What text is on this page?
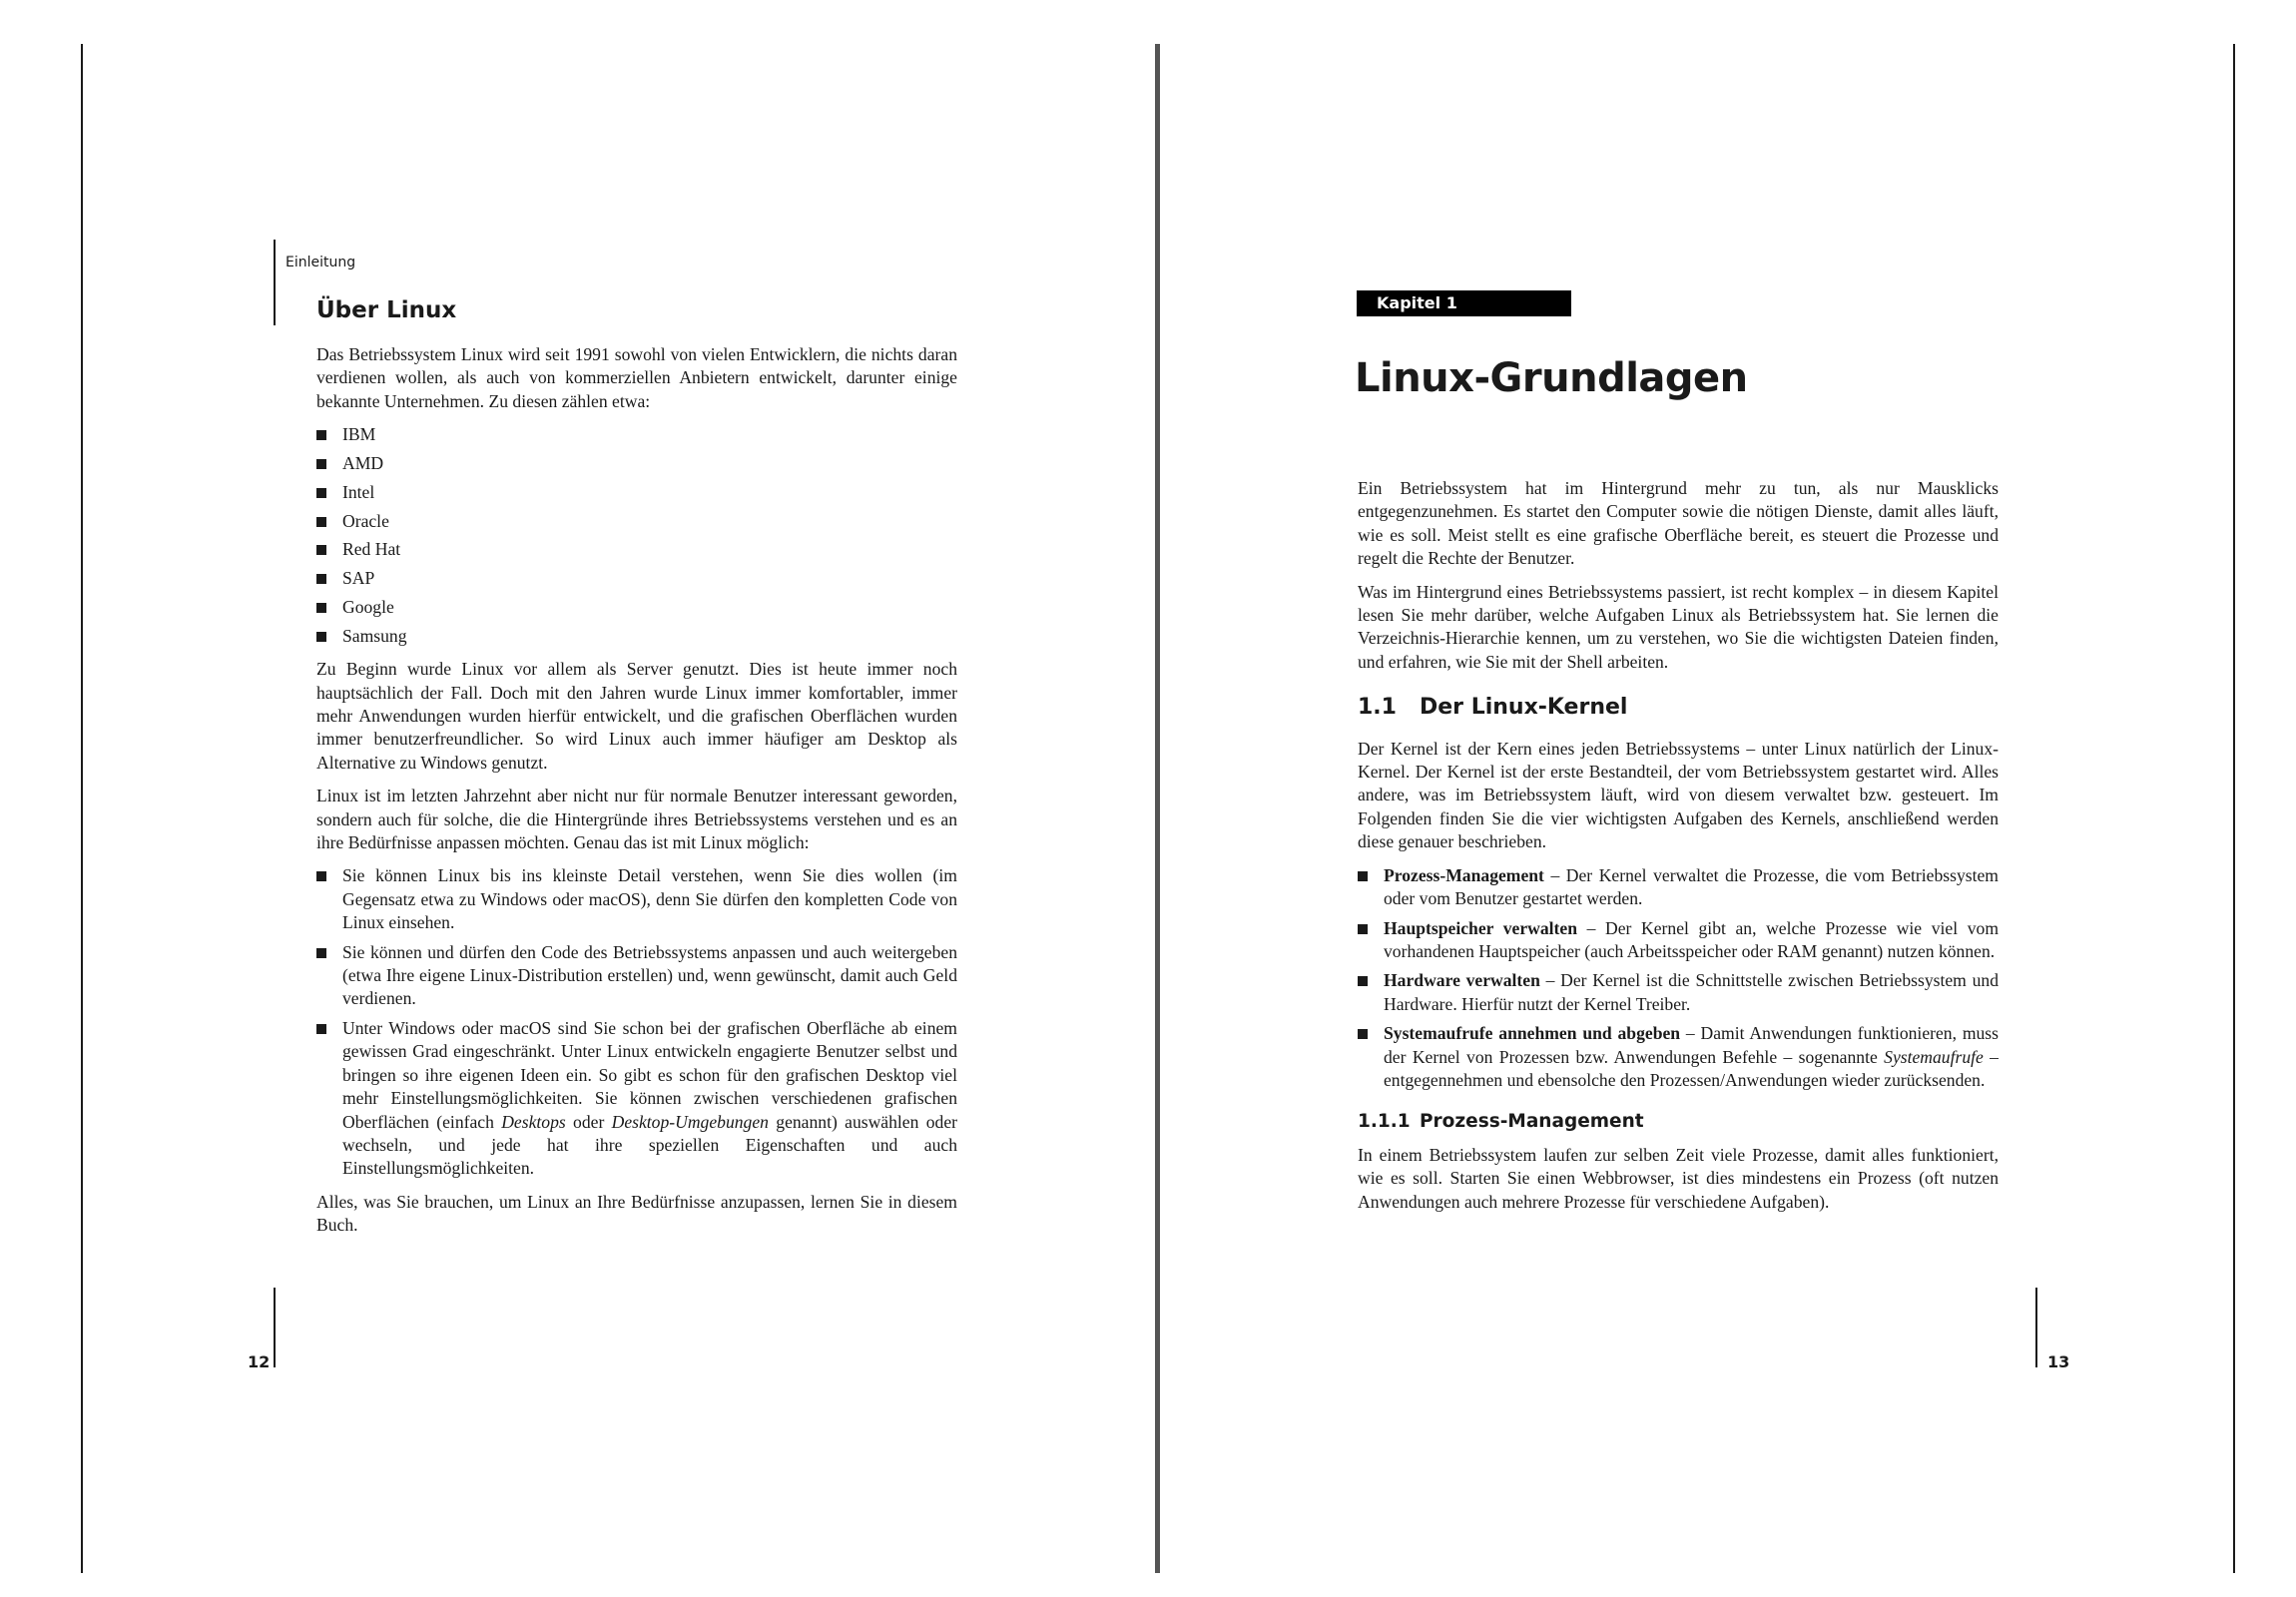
Einleitung
Über Linux

Das Betriebssystem Linux wird seit 1991 sowohl von vielen Entwicklern, die nichts daran verdienen wollen, als auch von kommerziellen Anbietern entwickelt, darunter einige bekannte Unternehmen. Zu diesen zählen etwa:

IBM
AMD
Intel
Oracle
Red Hat
SAP
Google
Samsung

Zu Beginn wurde Linux vor allem als Server genutzt. Dies ist heute immer noch hauptsächlich der Fall. Doch mit den Jahren wurde Linux immer komfortabler, immer mehr Anwendungen wurden hierfür entwickelt, und die grafischen Oberflächen wurden immer benutzerfreundlicher. So wird Linux auch immer häufiger am Desktop als Alternative zu Windows genutzt.

Linux ist im letzten Jahrzehnt aber nicht nur für normale Benutzer interessant geworden, sondern auch für solche, die die Hintergründe ihres Betriebssystems verstehen und es an ihre Bedürfnisse anpassen möchten. Genau das ist mit Linux möglich:

Sie können Linux bis ins kleinste Detail verstehen, wenn Sie dies wollen (im Gegensatz etwa zu Windows oder macOS), denn Sie dürfen den kompletten Code von Linux einsehen.
Sie können und dürfen den Code des Betriebssystems anpassen und auch weitergeben (etwa Ihre eigene Linux-Distribution erstellen) und, wenn gewünscht, damit auch Geld verdienen.
Unter Windows oder macOS sind Sie schon bei der grafischen Oberfläche ab einem gewissen Grad eingeschränkt. Unter Linux entwickeln engagierte Benutzer selbst und bringen so ihre eigenen Ideen ein. So gibt es schon für den grafischen Desktop viel mehr Einstellungsmöglichkeiten. Sie können zwischen verschiedenen grafischen Oberflächen (einfach Desktops oder Desktop-Umgebungen genannt) auswählen oder wechseln, und jede hat ihre speziellen Eigenschaften und auch Einstellungsmöglichkeiten.

Alles, was Sie brauchen, um Linux an Ihre Bedürfnisse anzupassen, lernen Sie in diesem Buch.

12
Kapitel 1
Linux-Grundlagen

Ein Betriebssystem hat im Hintergrund mehr zu tun, als nur Mausklicks entgegenzunehmen. Es startet den Computer sowie die nötigen Dienste, damit alles läuft, wie es soll. Meist stellt es eine grafische Oberfläche bereit, es steuert die Prozesse und regelt die Rechte der Benutzer.

Was im Hintergrund eines Betriebssystems passiert, ist recht komplex – in diesem Kapitel lesen Sie mehr darüber, welche Aufgaben Linux als Betriebssystem hat. Sie lernen die Verzeichnis-Hierarchie kennen, um zu verstehen, wo Sie die wichtigsten Dateien finden, und erfahren, wie Sie mit der Shell arbeiten.

1.1 Der Linux-Kernel

Der Kernel ist der Kern eines jeden Betriebssystems – unter Linux natürlich der Linux-Kernel. Der Kernel ist der erste Bestandteil, der vom Betriebssystem gestartet wird. Alles andere, was im Betriebssystem läuft, wird von diesem verwaltet bzw. gesteuert. Im Folgenden finden Sie die vier wichtigsten Aufgaben des Kernels, anschließend werden diese genauer beschrieben.

Prozess-Management – Der Kernel verwaltet die Prozesse, die vom Betriebssystem oder vom Benutzer gestartet werden.
Hauptspeicher verwalten – Der Kernel gibt an, welche Prozesse wie viel vom vorhandenen Hauptspeicher (auch Arbeitsspeicher oder RAM genannt) nutzen können.
Hardware verwalten – Der Kernel ist die Schnittstelle zwischen Betriebssystem und Hardware. Hierfür nutzt der Kernel Treiber.
Systemaufrufe annehmen und abgeben – Damit Anwendungen funktionieren, muss der Kernel von Prozessen bzw. Anwendungen Befehle – sogenannte Systemaufrufe – entgegennehmen und ebensolche den Prozessen/Anwendungen wieder zurücksenden.
1.1.1 Prozess-Management

In einem Betriebssystem laufen zur selben Zeit viele Prozesse, damit alles funktioniert, wie es soll. Starten Sie einen Webbrowser, ist dies mindestens ein Prozess (oft nutzen Anwendungen auch mehrere Prozesse für verschiedene Aufgaben).

13
